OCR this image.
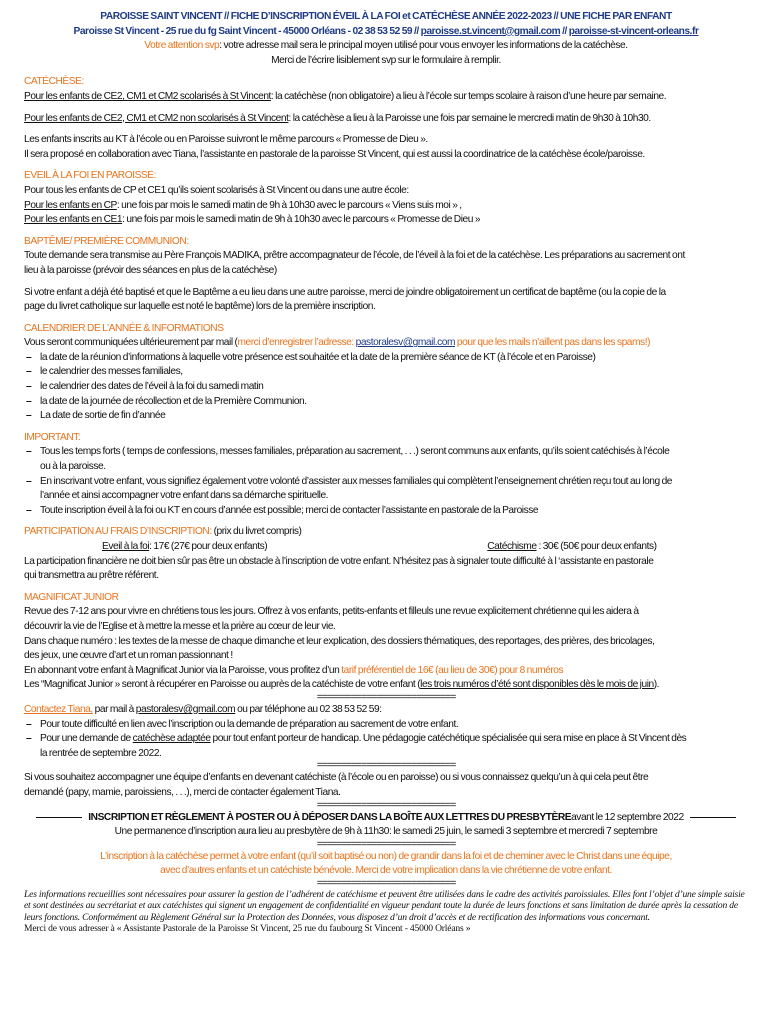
PAROISSE SAINT VINCENT // FICHE D’INSCRIPTION ÉVEIL À LA FOI et CATÉCHÈSE ANNÉE 2022-2023 // UNE FICHE PAR ENFANT

Paroisse St Vincent - 25 rue du fg Saint Vincent - 45000 Orléans - 02 38 53 52 59 // paroisse.st.vincent@gmail.com // paroisse-st-vincent-orleans.fr

Votre attention svp: votre adresse mail sera le principal moyen utilisé pour vous envoyer les informations de la catéchèse.

Merci de l’écrire lisiblement svp sur le formulaire à remplir.

CATÉCHÈSE:

Pour les enfants de CE2, CM1 et CM2 scolarisés à St Vincent: la catéchèse (non obligatoire) a lieu à l’école sur temps scolaire à raison d’une heure par semaine.

Pour les enfants de CE2, CM1 et CM2 non scolarisés à St Vincent: la catéchèse a lieu à la Paroisse une fois par semaine le mercredi matin de 9h30 à 10h30.

Les enfants inscrits au KT à l’école ou en Paroisse suivront le même parcours « Promesse de Dieu ».

Il sera proposé en collaboration avec Tiana, l’assistante en pastorale de la paroisse St Vincent, qui est aussi la coordinatrice de la catéchèse école/paroisse.

EVEIL À LA FOI EN PAROISSE:

Pour tous les enfants de CP et CE1 qu’ils soient scolarisés à St Vincent ou dans une autre école:

Pour les enfants en CP: une fois par mois le samedi matin de 9h à 10h30 avec le parcours « Viens suis moi » ,

Pour les enfants en CE1: une fois par mois le samedi matin de 9h à 10h30 avec le parcours « Promesse de Dieu »

BAPTÊME/ PREMIÈRE COMMUNION:

Toute demande sera transmise au Père François MADIKA, prêtre accompagnateur de l’école, de l’éveil à la foi et de la catéchèse. Les préparations au sacrement ont
lieu à la paroisse (prévoir des séances en plus de la catéchèse)

Si votre enfant a déjà été baptisé et que le Baptême a eu lieu dans une autre paroisse, merci de joindre obligatoirement un certificat de baptême (ou la copie de la
page du livret catholique sur laquelle est noté le baptême) lors de la première inscription.

CALENDRIER DE L’ANNÉE & INFORMATIONS

Vous seront communiquées ultérieurement par mail (merci d’enregistrer l’adresse: pastoralesv@gmail.com pour que les mails n’aillent pas dans les spams!)

– la date de la réunion d’informations à laquelle votre présence est souhaitée et la date de la première séance de KT (à l’école et en Paroisse)

– le calendrier des messes familiales,

– le calendrier des dates de l’éveil à la foi du samedi matin

– la date de la journée de récollection et de la Première Communion.

– La date de sortie de fin d’année

IMPORTANT:

– Tous les temps forts ( temps de confessions, messes familiales, préparation au sacrement, . . .) seront communs aux enfants, qu’ils soient catéchisés à l’école
ou à la paroisse.

– En inscrivant votre enfant, vous signifiez également votre volonté d’assister aux messes familiales qui complètent l’enseignement chrétien reçu tout au long de
l’année et ainsi accompagner votre enfant dans sa démarche spirituelle.

– Toute inscription éveil à la foi ou KT en cours d’année est possible; merci de contacter l’assistante en pastorale de la Paroisse

PARTICIPATION AU FRAIS D’INSCRIPTION: (prix du livret compris)

Eveil à la foi: 17€ (27€ pour deux enfants)	Catéchisme : 30€ (50€ pour deux enfants)

La participation financière ne doit bien sûr pas être un obstacle à l’inscription de votre enfant. N’hésitez pas à signaler toute difficulté à l ‘assistante en pastorale
qui transmettra au prêtre référent.

MAGNIFICAT JUNIOR

Revue des 7-12 ans pour vivre en chrétiens tous les jours. Offrez à vos enfants, petits-enfants et filleuls une revue explicitement chrétienne qui les aidera à

découvrir la vie de l’Eglise et à mettre la messe et la prière au cœur de leur vie.

Dans chaque numéro : les textes de la messe de chaque dimanche et leur explication, des dossiers thématiques, des reportages, des prières, des bricolages,

des jeux, une œuvre d’art et un roman passionnant !

En abonnant votre enfant à Magnificat Junior via la Paroisse, vous profitez d’un tarif préférentiel de 16€ (au lieu de 30€) pour 8 numéros

Les “Magnificat Junior » seront à récupérer en Paroisse ou auprès de la catéchiste de votre enfant (les trois numéros d’été sont disponibles dès le mois de juin).

============================

Contactez Tiana, par mail à pastoralesv@gmail.com ou par téléphone au 02 38 53 52 59:

– Pour toute difficulté en lien avec l’inscription ou la demande de préparation au sacrement de votre enfant.

– Pour une demande de catéchèse adaptée pour tout enfant porteur de handicap. Une pédagogie catéchétique spécialisée qui sera mise en place à St Vincent dès
la rentrée de septembre 2022.

============================

Si vous souhaitez accompagner une équipe d’enfants en devenant catéchiste (à l’école ou en paroisse) ou si vous connaissez quelqu’un à qui cela peut être
demandé (papy, mamie, paroissiens, . . .), merci de contacter également Tiana.

============================

INSCRIPTION ET RÈGLEMENT À POSTER OU À DÉPOSER DANS LA BOÎTE AUX LETTRES DU PRESBYTÈRE avant le 12 septembre 2022

Une permanence d’inscription aura lieu au presbytère de 9h à 11h30: le samedi 25 juin, le samedi 3 septembre et mercredi 7 septembre

============================

L’inscription à la catéchèse permet à votre enfant (qu’il soit baptisé ou non) de grandir dans la foi et de cheminer avec le Christ dans une équipe,

avec d’autres enfants et un catéchiste bénévole. Merci de votre implication dans la vie chrétienne de votre enfant.

============================

Les informations recueillies sont nécessaires pour assurer la gestion de l’adhérent de catéchisme et peuvent être utilisées dans le cadre des activités paroissiales. Elles font l’objet d’une simple saisie et sont destinées au secrétariat et aux catéchistes qui signent un engagement de confidentialité en vigueur pendant toute la durée de leurs fonctions et sans limitation de durée après la cessation de leurs fonctions. Conformément au Règlement Général sur la Protection des Données, vous disposez d’un droit d’accès et de rectification des informations vous concernant.

Merci de vous adresser à « Assistante Pastorale de la Paroisse St Vincent, 25 rue du faubourg St Vincent - 45000 Orléans »
